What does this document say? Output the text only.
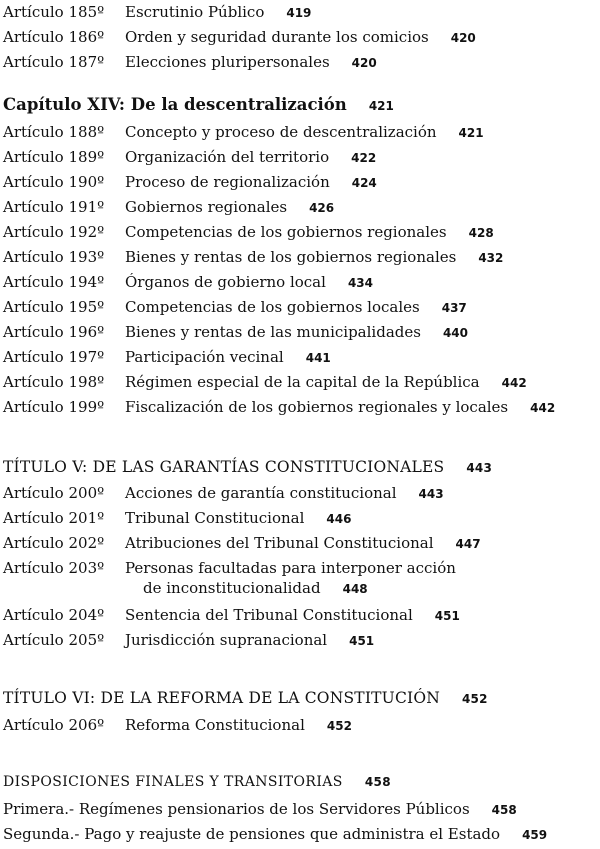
Artículo 185º Escrutinio Público 419
Artículo 186º Orden y seguridad durante los comicios 420
Artículo 187º Elecciones pluripersonales 420
Capítulo XIV: De la descentralización 421
Artículo 188º Concepto y proceso de descentralización 421
Artículo 189º Organización del territorio 422
Artículo 190º Proceso de regionalización 424
Artículo 191º Gobiernos regionales 426
Artículo 192º Competencias de los gobiernos regionales 428
Artículo 193º Bienes y rentas de los gobiernos regionales 432
Artículo 194º Órganos de gobierno local 434
Artículo 195º Competencias de los gobiernos locales 437
Artículo 196º Bienes y rentas de las municipalidades 440
Artículo 197º Participación vecinal 441
Artículo 198º Régimen especial de la capital de la República 442
Artículo 199º Fiscalización de los gobiernos regionales y locales 442
TÍTULO V: DE LAS GARANTÍAS CONSTITUCIONALES 443
Artículo 200º Acciones de garantía constitucional 443
Artículo 201º Tribunal Constitucional 446
Artículo 202º Atribuciones del Tribunal Constitucional 447
Artículo 203º Personas facultadas para interponer acción
de inconstitucionalidad 448
Artículo 204º Sentencia del Tribunal Constitucional 451
Artículo 205º Jurisdicción supranacional 451
TÍTULO VI: DE LA REFORMA DE LA CONSTITUCIÓN 452
Artículo 206º Reforma Constitucional 452
DISPOSICIONES FINALES Y TRANSITORIAS 458
Primera.- Regímenes pensionarios de los Servidores Públicos 458
Segunda.- Pago y reajuste de pensiones que administra el Estado 459
